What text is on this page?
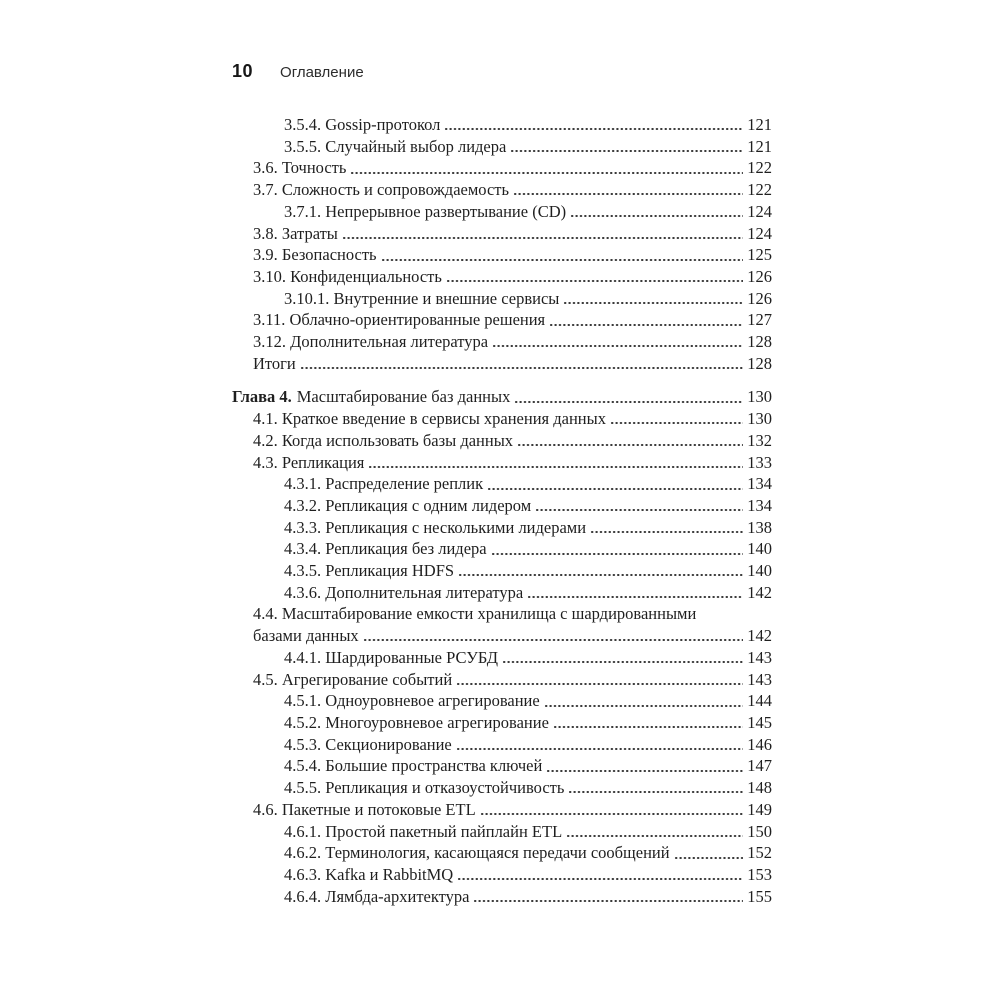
10 Оглавление
3.5.4. Gossip-протокол	121
3.5.5. Случайный выбор лидера	121
3.6. Точность	122
3.7. Сложность и сопровождаемость	122
3.7.1. Непрерывное развертывание (CD)	124
3.8. Затраты	124
3.9. Безопасность	125
3.10. Конфиденциальность	126
3.10.1. Внутренние и внешние сервисы	126
3.11. Облачно-ориентированные решения	127
3.12. Дополнительная литература	128
Итоги	128
Глава 4. Масштабирование баз данных	130
4.1. Краткое введение в сервисы хранения данных	130
4.2. Когда использовать базы данных	132
4.3. Репликация	133
4.3.1. Распределение реплик	134
4.3.2. Репликация с одним лидером	134
4.3.3. Репликация с несколькими лидерами	138
4.3.4. Репликация без лидера	140
4.3.5. Репликация HDFS	140
4.3.6. Дополнительная литература	142
4.4. Масштабирование емкости хранилища с шардированными
базами данных	142
4.4.1. Шардированные РСУБД	143
4.5. Агрегирование событий	143
4.5.1. Одноуровневое агрегирование	144
4.5.2. Многоуровневое агрегирование	145
4.5.3. Секционирование	146
4.5.4. Большие пространства ключей	147
4.5.5. Репликация и отказоустойчивость	148
4.6. Пакетные и потоковые ETL	149
4.6.1. Простой пакетный пайплайн ETL	150
4.6.2. Терминология, касающаяся передачи сообщений	152
4.6.3. Kafka и RabbitMQ	153
4.6.4. Лямбда-архитектура	155
